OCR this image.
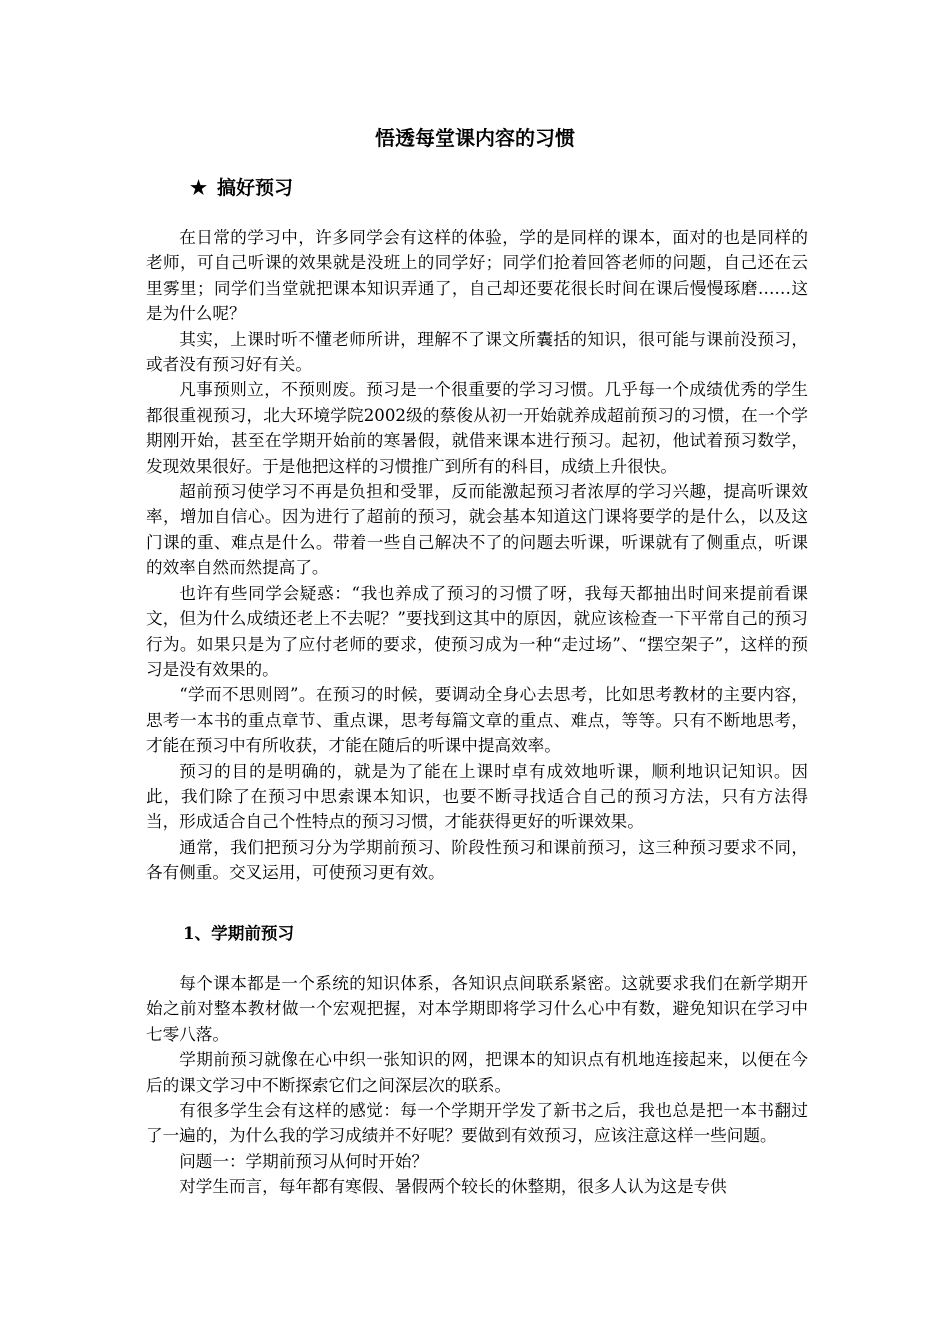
悟透每堂课内容的习惯
★ 搞好预习

在日常的学习中，许多同学会有这样的体验，学的是同样的课本，面对的也是同样的老师，可自己听课的效果就是没班上的同学好；同学们抢着回答老师的问题，自己还在云里雾里；同学们当堂就把课本知识弄通了，自己却还要花很长时间在课后慢慢琢磨……这是为什么呢？

其实，上课时听不懂老师所讲，理解不了课文所囊括的知识，很可能与课前没预习，或者没有预习好有关。

凡事预则立，不预则废。预习是一个很重要的学习习惯。几乎每一个成绩优秀的学生都很重视预习，北大环境学院2002级的蔡俊从初一开始就养成超前预习的习惯，在一个学期刚开始，甚至在学期开始前的寒暑假，就借来课本进行预习。起初，他试着预习数学，发现效果很好。于是他把这样的习惯推广到所有的科目，成绩上升很快。

超前预习使学习不再是负担和受罪，反而能激起预习者浓厚的学习兴趣，提高听课效率，增加自信心。因为进行了超前的预习，就会基本知道这门课将要学的是什么，以及这门课的重、难点是什么。带着一些自己解决不了的问题去听课，听课就有了侧重点，听课的效率自然而然提高了。

也许有些同学会疑惑：“我也养成了预习的习惯了呀，我每天都抽出时间来提前看课文，但为什么成绩还老上不去呢？”要找到这其中的原因，就应该检查一下平常自己的预习行为。如果只是为了应付老师的要求，使预习成为一种“走过场”、“摆空架子”，这样的预习是没有效果的。

“学而不思则罔”。在预习的时候，要调动全身心去思考，比如思考教材的主要内容，思考一本书的重点章节、重点课，思考每篇文章的重点、难点，等等。只有不断地思考，才能在预习中有所收获，才能在随后的听课中提高效率。

预习的目的是明确的，就是为了能在上课时卓有成效地听课，顺利地识记知识。因此，我们除了在预习中思索课本知识，也要不断寻找适合自己的预习方法，只有方法得当，形成适合自己个性特点的预习习惯，才能获得更好的听课效果。

通常，我们把预习分为学期前预习、阶段性预习和课前预习，这三种预习要求不同，各有侧重。交叉运用，可使预习更有效。

1、学期前预习

每个课本都是一个系统的知识体系，各知识点间联系紧密。这就要求我们在新学期开始之前对整本教材做一个宏观把握，对本学期即将学习什么心中有数，避免知识在学习中七零八落。

学期前预习就像在心中织一张知识的网，把课本的知识点有机地连接起来，以便在今后的课文学习中不断探索它们之间深层次的联系。

有很多学生会有这样的感觉：每一个学期开学发了新书之后，我也总是把一本书翻过了一遍的，为什么我的学习成绩并不好呢？要做到有效预习，应该注意这样一些问题。

问题一：学期前预习从何时开始？

对学生而言，每年都有寒假、暑假两个较长的休整期，很多人认为这是专供
